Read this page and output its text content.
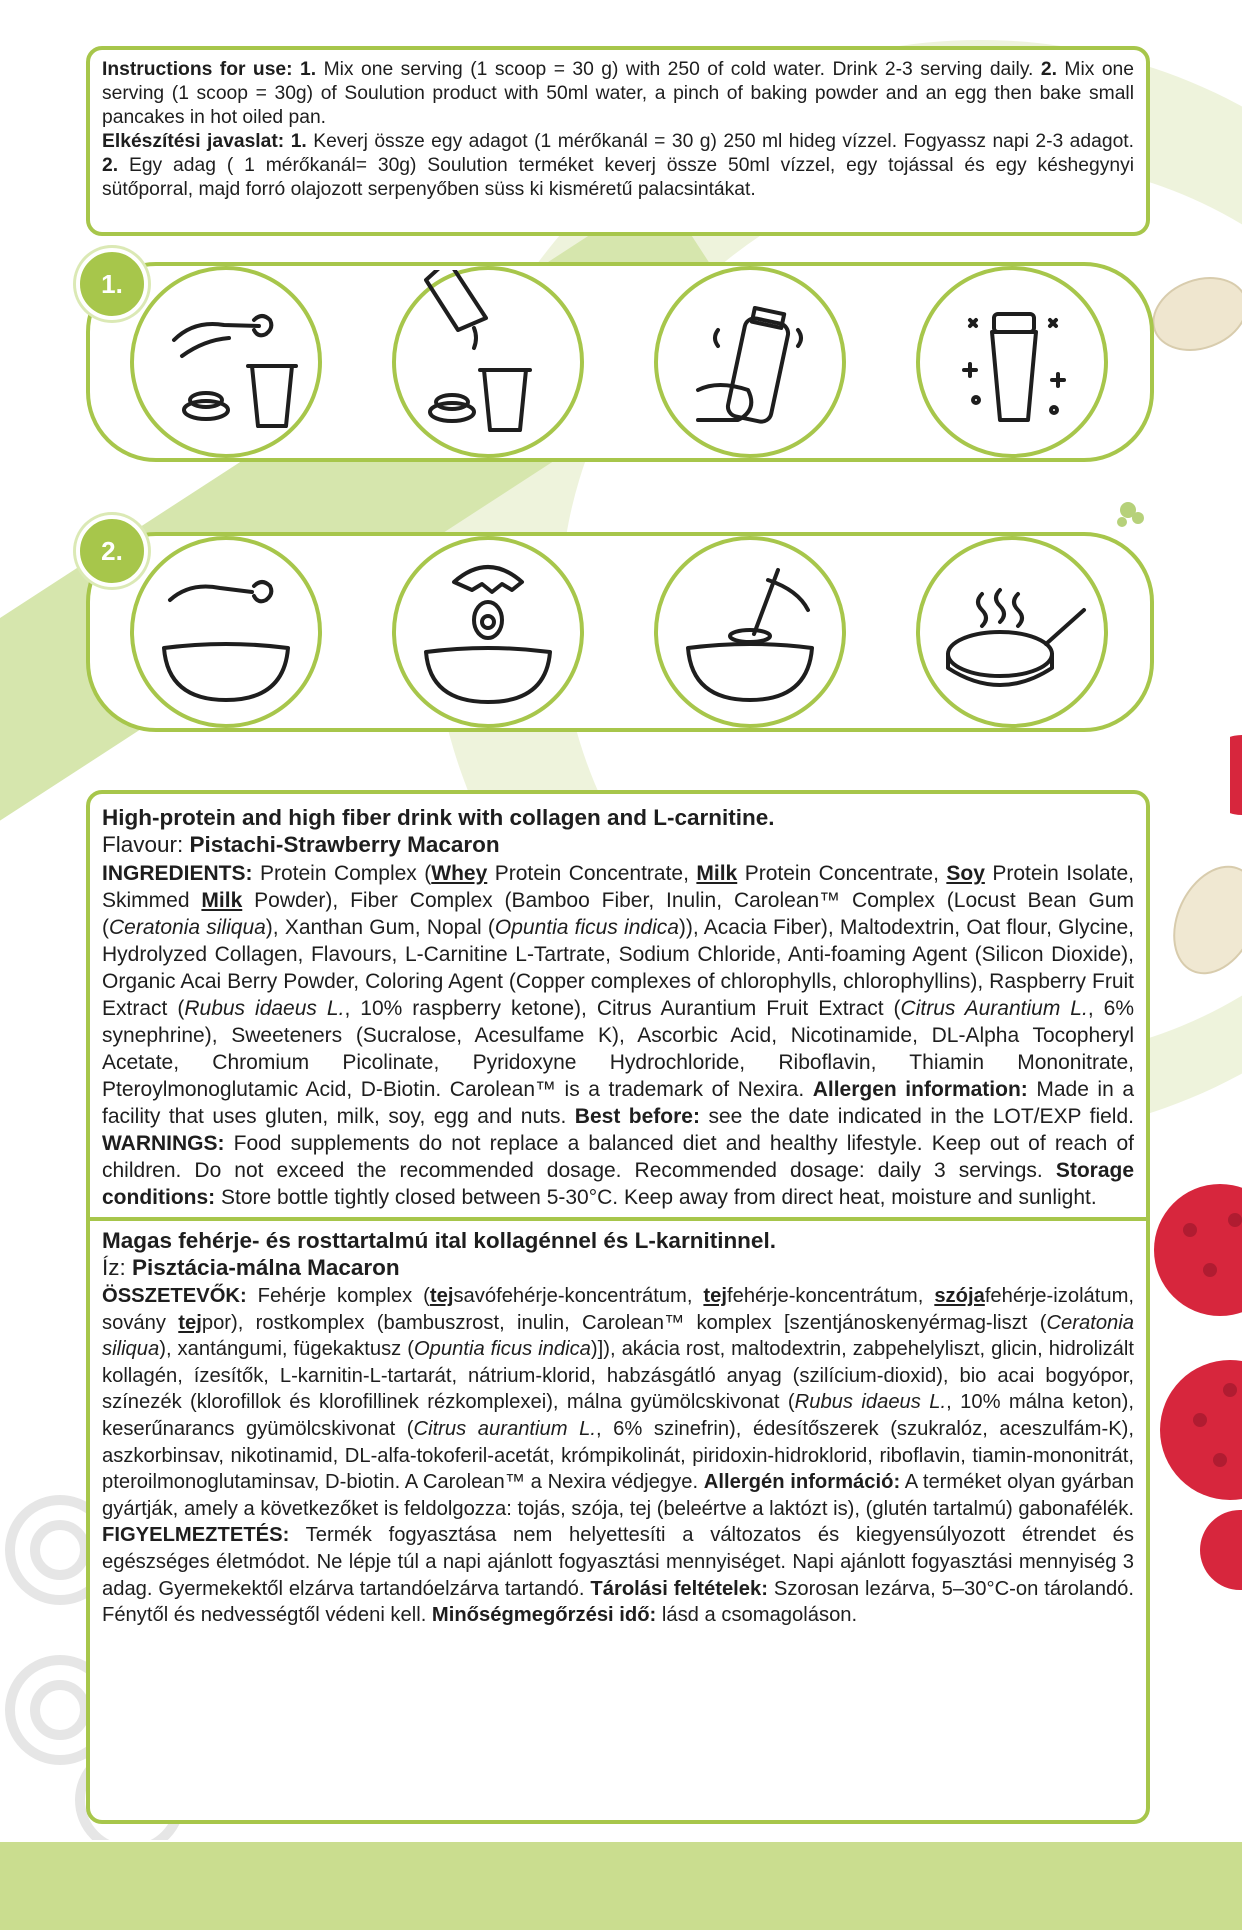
Instructions for use: 1. Mix one serving (1 scoop = 30 g) with 250 of cold water. Drink 2-3 serving daily. 2. Mix one serving (1 scoop = 30g) of Soulution product with 50ml water, a pinch of baking powder and an egg then bake small pancakes in hot oiled pan.

Elkészítési javaslat: 1. Keverj össze egy adagot (1 mérőkanál = 30 g) 250 ml hideg vízzel. Fogyassz napi 2-3 adagot. 2. Egy adag ( 1 mérőkanál= 30g) Soulution terméket keverj össze 50ml vízzel, egy tojással és egy késhegynyi sütőporral, majd forró olajozott serpenyőben süss ki kisméretű palacsintákat.

1.
2.
High-protein and high fiber drink with collagen and L-carnitine.

Flavour: Pistachi-Strawberry Macaron

INGREDIENTS: Protein Complex (Whey Protein Concentrate, Milk Protein Concentrate, Soy Protein Isolate, Skimmed Milk Powder), Fiber Complex (Bamboo Fiber, Inulin, Carolean™ Complex (Locust Bean Gum (Ceratonia siliqua), Xanthan Gum, Nopal (Opuntia ficus indica)), Acacia Fiber), Maltodextrin, Oat flour, Glycine, Hydrolyzed Collagen, Flavours, L-Carnitine L-Tartrate, Sodium Chloride, Anti-foaming Agent (Silicon Dioxide), Organic Acai Berry Powder, Coloring Agent (Copper complexes of chlorophylls, chlorophyllins), Raspberry Fruit Extract (Rubus idaeus L., 10% raspberry ketone), Citrus Aurantium Fruit Extract (Citrus Aurantium L., 6% synephrine), Sweeteners (Sucralose, Acesulfame K), Ascorbic Acid, Nicotinamide, DL-Alpha Tocopheryl Acetate, Chromium Picolinate, Pyridoxyne Hydrochloride, Riboflavin, Thiamin Mononitrate, Pteroylmonoglutamic Acid, D-Biotin. Carolean™ is a trademark of Nexira. Allergen information: Made in a facility that uses gluten, milk, soy, egg and nuts. Best before: see the date indicated in the LOT/EXP field. WARNINGS: Food supplements do not replace a balanced diet and healthy lifestyle. Keep out of reach of children. Do not exceed the recommended dosage. Recommended dosage: daily 3 servings. Storage conditions: Store bottle tightly closed between 5-30°C. Keep away from direct heat, moisture and sunlight.

Magas fehérje- és rosttartalmú ital kollagénnel és L-karnitinnel.

Íz: Pisztácia-málna Macaron

ÖSSZETEVŐK: Fehérje komplex (tejsavófehérje-koncentrátum, tejfehérje-koncentrátum, szójafehérje-izolátum, sovány tejpor), rostkomplex (bambuszrost, inulin, Carolean™ komplex [szentjánoskenyérmag-liszt (Ceratonia siliqua), xantángumi, fügekaktusz (Opuntia ficus indica)]), akácia rost, maltodextrin, zabpehelyliszt, glicin, hidrolizált kollagén, ízesítők, L-karnitin-L-tartarát, nátrium-klorid, habzásgátló anyag (szilícium-dioxid), bio acai bogyópor, színezék (klorofillok és klorofillinek rézkomplexei), málna gyümölcskivonat (Rubus idaeus L., 10% málna keton), keserűnarancs gyümölcskivonat (Citrus aurantium L., 6% szinefrin), édesítőszerek (szukralóz, aceszulfám-K), aszkorbinsav, nikotinamid, DL-alfa-tokoferil-acetát, krómpikolinát, piridoxin-hidroklorid, riboflavin, tiamin-mononitrát, pteroilmonoglutaminsav, D-biotin. A Carolean™ a Nexira védjegye. Allergén információ: A terméket olyan gyárban gyártják, amely a következőket is feldolgozza: tojás, szója, tej (beleértve a laktózt is), (glutén tartalmú) gabonafélék. FIGYELMEZTETÉS: Termék fogyasztása nem helyettesíti a változatos és kiegyensúlyozott étrendet és egészséges életmódot. Ne lépje túl a napi ajánlott fogyasztási mennyiséget. Napi ajánlott fogyasztási mennyiség 3 adag. Gyermekektől elzárva tartandóelzárva tartandó. Tárolási feltételek: Szorosan lezárva, 5–30°C-on tárolandó. Fénytől és nedvességtől védeni kell. Minőségmegőrzési idő: lásd a csomagoláson.
